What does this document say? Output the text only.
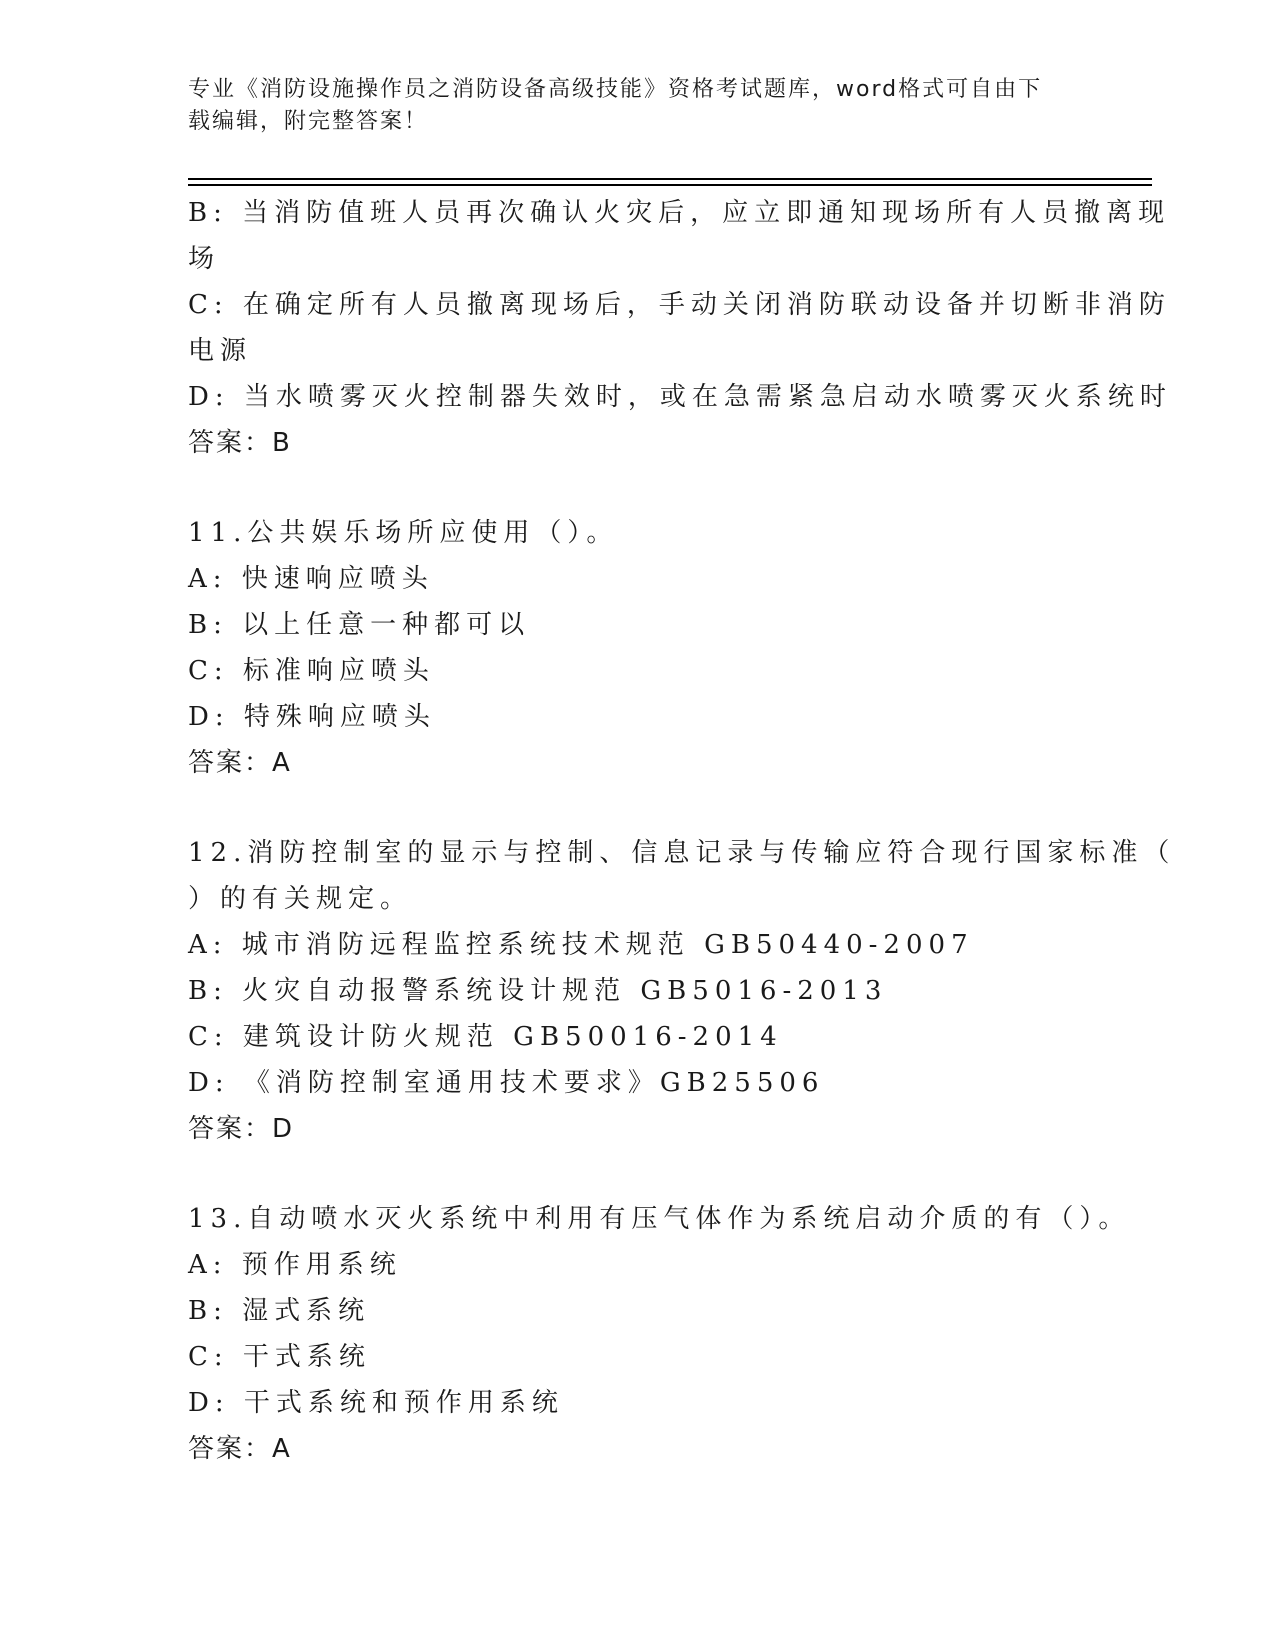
专业《消防设施操作员之消防设备高级技能》资格考试题库，word格式可自由下
载编辑，附完整答案！
B: 当消防值班人员再次确认火灾后，应立即通知现场所有人员撤离现
场
C: 在确定所有人员撤离现场后，手动关闭消防联动设备并切断非消防
电源
D: 当水喷雾灭火控制器失效时，或在急需紧急启动水喷雾灭火系统时
答案：B
11.公共娱乐场所应使用（）。
A: 快速响应喷头
B: 以上任意一种都可以
C: 标准响应喷头
D: 特殊响应喷头
答案：A
12.消防控制室的显示与控制、信息记录与传输应符合现行国家标准（
）的有关规定。
A: 城市消防远程监控系统技术规范 GB50440-2007
B: 火灾自动报警系统设计规范 GB5016-2013
C: 建筑设计防火规范 GB50016-2014
D: 《消防控制室通用技术要求》GB25506
答案：D
13.自动喷水灭火系统中利用有压气体作为系统启动介质的有（）。
A: 预作用系统
B: 湿式系统
C: 干式系统
D: 干式系统和预作用系统
答案：A
